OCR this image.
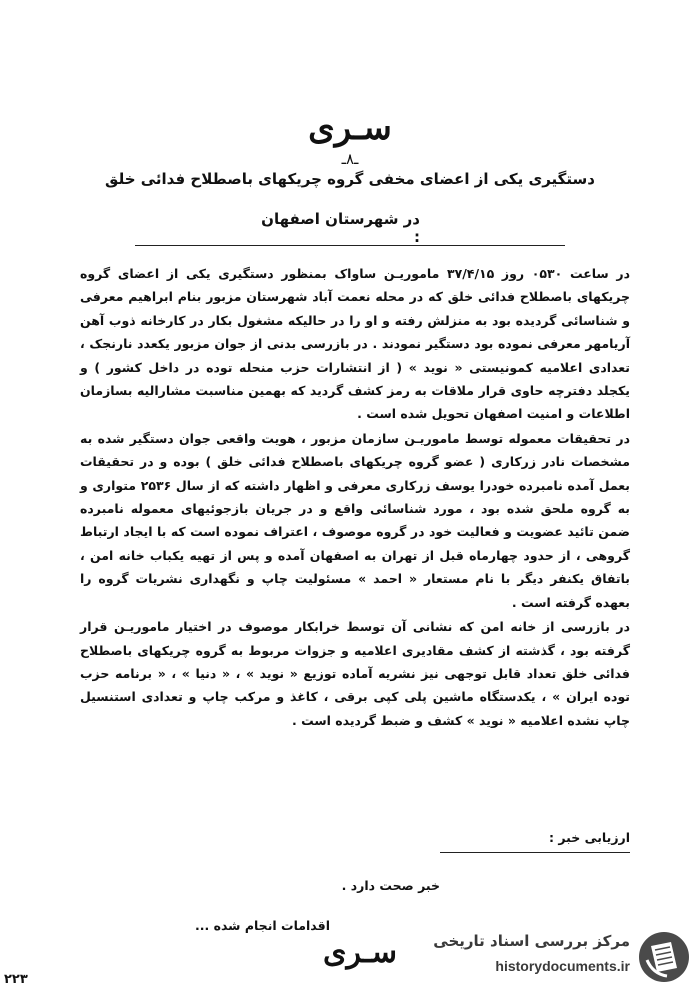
سـری
ـ۸ـ
دستگیری یکی از اعضای مخفی گروه چریکهای باصطلاح فدائی خلق
در شهرستان اصفهان :

در ساعت ۰۵۳۰ روز ۳۷/۴/۱۵ ماموریـن ساواک بمنظور دستگیری یکی از اعضای گروه چریکهای باصطلاح فدائی خلق که در محله نعمت آباد شهرستان مزبور بنام ابراهیم معرفی و شناسائی گردیده بود به منزلش رفته و او را در حالیکه مشغول بکار در کارخانه ذوب آهن آریامهر معرفی نموده بود دستگیر نمودند . در بازرسی بدنی از جوان مزبور یکعدد نارنجک ، تعدادی اعلامیه کمونیستی « نوید » ( از انتشارات حزب منحله توده در داخل کشور ) و یکجلد دفترچه حاوی قرار ملاقات به رمز کشف گردید که بهمین مناسبت مشارالیه بسازمان اطلاعات و امنیت اصفهان تحویل شده است .

در تحقیقات معموله توسط ماموریـن سازمان مزبور ، هویت واقعی جوان دستگیر شده به مشخصات نادر زرکاری ( عضو گروه چریکهای باصطلاح فدائی خلق ) بوده و در تحقیقات بعمل آمده نامبرده خودرا یوسف زرکاری معرفی و اظهار داشته که از سال ۲۵۳۶ متواری و به گروه ملحق شده بود ، مورد شناسائی واقع و در جریان بازجوئیهای معموله نامبرده ضمن تائید عضویت و فعالیت خود در گروه موصوف ، اعتراف نموده است که با ایجاد ارتباط گروهی ، از حدود چهارماه قبل از تهران به اصفهان آمده و پس از تهیه یکباب خانه امن ، باتفاق یکنفر دیگر با نام مستعار « احمد » مسئولیت چاپ و نگهداری نشریات گروه را بعهده گرفته است .

در بازرسی از خانه امن که نشانی آن توسط خرابکار موصوف در اختیار ماموریـن قرار گرفته بود ، گذشته از کشف مقادیری اعلامیه و جزوات مربوط به گروه چریکهای باصطلاح فدائی خلق تعداد قابل توجهی نیز نشریه آماده توزیع « نوید » ، « دنیا » ، « برنامه حزب توده ایران » ، یکدستگاه ماشین پلی کپی برقی ، کاغذ و مرکب چاپ و تعدادی استنسیل چاپ نشده اعلامیه « نوید » کشف و ضبط گردیده است .

ارزیابی خبر :
خبر صحت دارد .
اقدامات انجام شده ...
سـری
۲۲۳
مرکز بررسی اسناد تاریخی
historydocuments.ir
